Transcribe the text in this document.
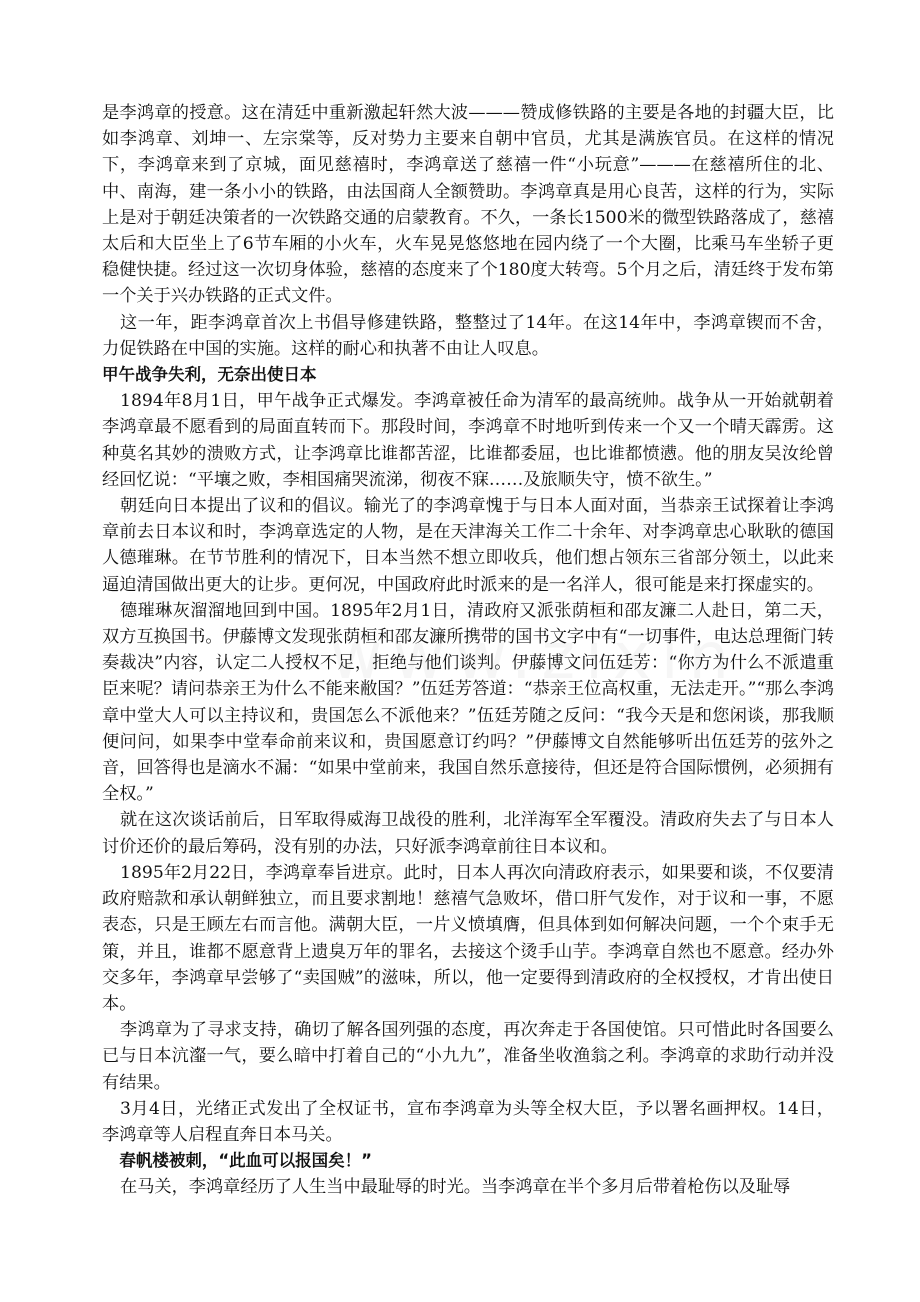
是李鸿章的授意。这在清廷中重新激起轩然大波———赞成修铁路的主要是各地的封疆大臣，比如李鸿章、刘坤一、左宗棠等，反对势力主要来自朝中官员，尤其是满族官员。在这样的情况下，李鸿章来到了京城，面见慈禧时，李鸿章送了慈禧一件“小玩意”———在慈禧所住的北、中、南海，建一条小小的铁路，由法国商人全额赞助。李鸿章真是用心良苦，这样的行为，实际上是对于朝廷决策者的一次铁路交通的启蒙教育。不久，一条长1500米的微型铁路落成了，慈禧太后和大臣坐上了6节车厢的小火车，火车晃晃悠悠地在园内绕了一个大圈，比乘马车坐轿子更稳健快捷。经过这一次切身体验，慈禧的态度来了个180度大转弯。5个月之后，清廷终于发布第一个关于兴办铁路的正式文件。

这一年，距李鸿章首次上书倡导修建铁路，整整过了14年。在这14年中，李鸿章锲而不舍，力促铁路在中国的实施。这样的耐心和执著不由让人叹息。

甲午战争失利，无奈出使日本

1894年8月1日，甲午战争正式爆发。李鸿章被任命为清军的最高统帅。战争从一开始就朝着李鸿章最不愿看到的局面直转而下。那段时间，李鸿章不时地听到传来一个又一个晴天霹雳。这种莫名其妙的溃败方式，让李鸿章比谁都苦涩，比谁都委屈，也比谁都愤懑。他的朋友吴汝纶曾经回忆说：“平壤之败，李相国痛哭流涕，彻夜不寐……及旅顺失守，愤不欲生。”

朝廷向日本提出了议和的倡议。输光了的李鸿章愧于与日本人面对面，当恭亲王试探着让李鸿章前去日本议和时，李鸿章选定的人物，是在天津海关工作二十余年、对李鸿章忠心耿耿的德国人德璀琳。在节节胜利的情况下，日本当然不想立即收兵，他们想占领东三省部分领土，以此来逼迫清国做出更大的让步。更何况，中国政府此时派来的是一名洋人，很可能是来打探虚实的。

德璀琳灰溜溜地回到中国。1895年2月1日，清政府又派张荫桓和邵友濂二人赴日，第二天，双方互换国书。伊藤博文发现张荫桓和邵友濂所携带的国书文字中有“一切事件，电达总理衙门转奏裁决”内容，认定二人授权不足，拒绝与他们谈判。伊藤博文问伍廷芳：“你方为什么不派遣重臣来呢？请问恭亲王为什么不能来敝国？”伍廷芳答道：“恭亲王位高权重，无法走开。”“那么李鸿章中堂大人可以主持议和，贵国怎么不派他来？”伍廷芳随之反问：“我今天是和您闲谈，那我顺便问问，如果李中堂奉命前来议和，贵国愿意订约吗？”伊藤博文自然能够听出伍廷芳的弦外之音，回答得也是滴水不漏：“如果中堂前来，我国自然乐意接待，但还是符合国际惯例，必须拥有全权。”

就在这次谈话前后，日军取得威海卫战役的胜利，北洋海军全军覆没。清政府失去了与日本人讨价还价的最后筹码，没有别的办法，只好派李鸿章前往日本议和。

1895年2月22日，李鸿章奉旨进京。此时，日本人再次向清政府表示，如果要和谈，不仅要清政府赔款和承认朝鲜独立，而且要求割地！慈禧气急败坏，借口肝气发作，对于议和一事，不愿表态，只是王顾左右而言他。满朝大臣，一片义愤填膺，但具体到如何解决问题，一个个束手无策，并且，谁都不愿意背上遗臭万年的罪名，去接这个烫手山芋。李鸿章自然也不愿意。经办外交多年，李鸿章早尝够了“卖国贼”的滋味，所以，他一定要得到清政府的全权授权，才肯出使日本。

李鸿章为了寻求支持，确切了解各国列强的态度，再次奔走于各国使馆。只可惜此时各国要么已与日本沆瀣一气，要么暗中打着自己的“小九九”，准备坐收渔翁之利。李鸿章的求助行动并没有结果。

3月4日，光绪正式发出了全权证书，宣布李鸿章为头等全权大臣，予以署名画押权。14日，李鸿章等人启程直奔日本马关。

春帆楼被刺，“此血可以报国矣！”

在马关，李鸿章经历了人生当中最耻辱的时光。当李鸿章在半个多月后带着枪伤以及耻辱
